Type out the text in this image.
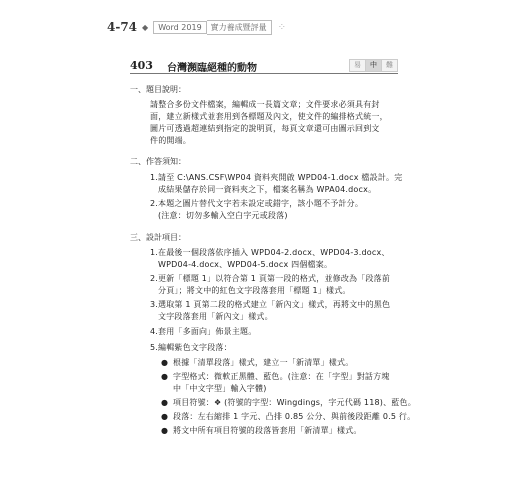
4-74 ◆	Word 2019	實力養成暨評量	⁘
403 台灣瀕臨絕種的動物	易	中	難
一、題目說明：
請整合多份文件檔案，編輯成一長篇文章；文件要求必須具有封
面，建立新樣式並套用到各標題及內文，使文件的編排格式統一，
圖片可透過超連結到指定的說明頁，每頁文章還可由圖示回到文
件的開端。
二、作答須知：
1.請至 C:\ANS.CSF\WP04 資料夾開啟 WPD04-1.docx 檔設計。完
成結果儲存於同一資料夾之下，檔案名稱為 WPA04.docx。
2.本題之圖片替代文字若未設定或錯字，該小題不予計分。
(注意：切勿多輸入空白字元或段落)
三、設計項目：
1.在最後一個段落依序插入 WPD04-2.docx、WPD04-3.docx、
WPD04-4.docx、WPD04-5.docx 四個檔案。
2.更新「標題 1」以符合第 1 頁第一段的格式，並修改為「段落前
分頁」；將文中的紅色文字段落套用「標題 1」樣式。
3.選取第 1 頁第二段的格式建立「新內文」樣式，再將文中的黑色
文字段落套用「新內文」樣式。
4.套用「多面向」佈景主題。
5.編輯紫色文字段落：
● 根據「清單段落」樣式，建立一「新清單」樣式。
● 字型格式：微軟正黑體、藍色。(注意：在「字型」對話方塊
中「中文字型」輸入字體)
● 項目符號：❖ (符號的字型：Wingdings，字元代碼 118)、藍色。
● 段落：左右縮排 1 字元、凸排 0.85 公分、與前後段距離 0.5 行。
● 將文中所有項目符號的段落皆套用「新清單」樣式。
